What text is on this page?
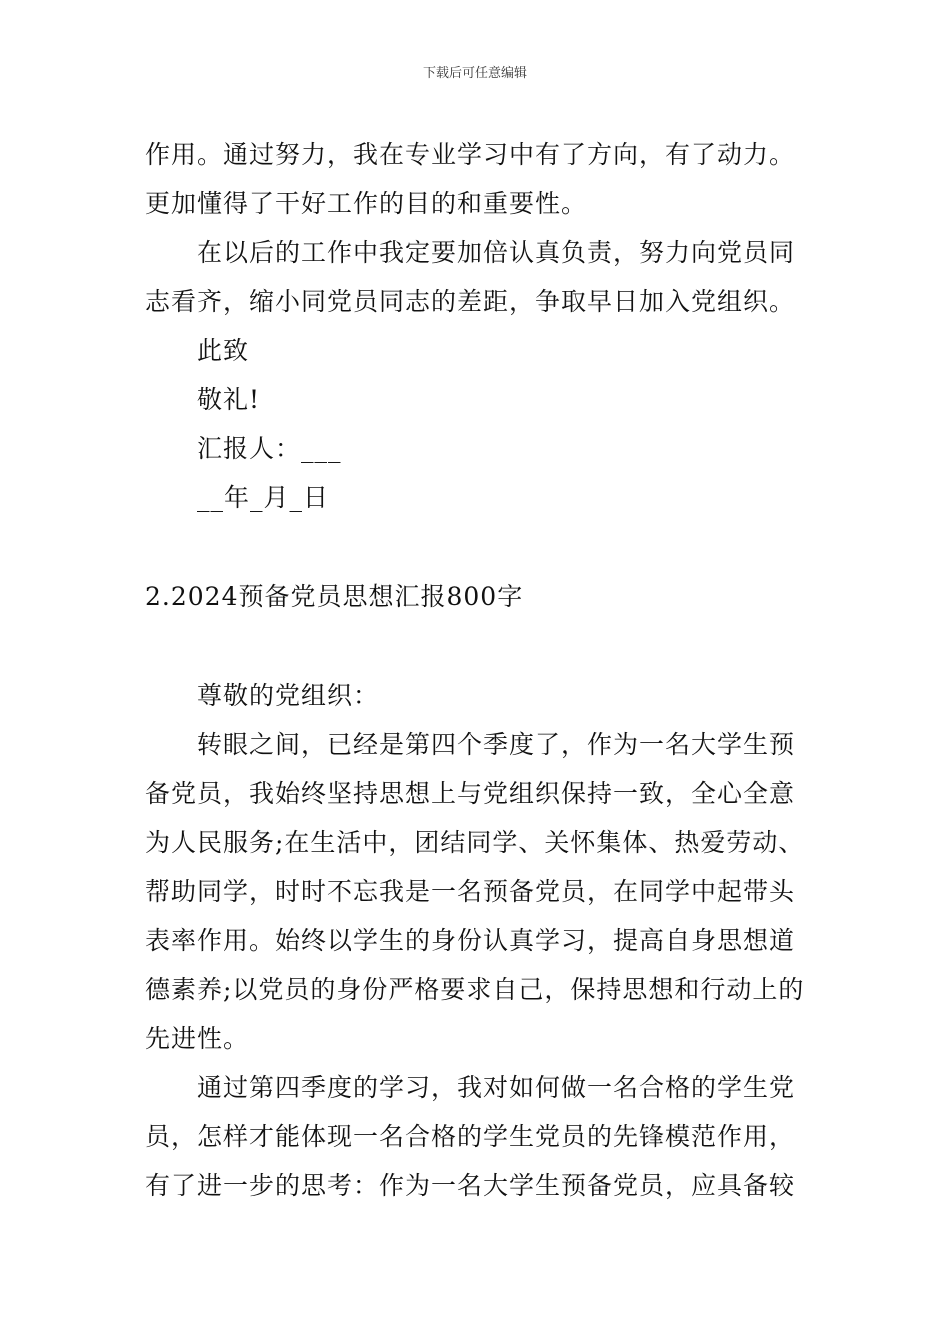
下载后可任意编辑

作用。通过努力，我在专业学习中有了方向，有了动力。更加懂得了干好工作的目的和重要性。

在以后的工作中我定要加倍认真负责，努力向党员同志看齐，缩小同党员同志的差距，争取早日加入党组织。

此致

敬礼!

汇报人：___

__年_月_日

2.2024预备党员思想汇报800字

尊敬的党组织：

转眼之间，已经是第四个季度了，作为一名大学生预备党员，我始终坚持思想上与党组织保持一致，全心全意为人民服务;在生活中，团结同学、关怀集体、热爱劳动、帮助同学，时时不忘我是一名预备党员，在同学中起带头表率作用。始终以学生的身份认真学习，提高自身思想道德素养;以党员的身份严格要求自己，保持思想和行动上的先进性。

通过第四季度的学习，我对如何做一名合格的学生党员，怎样才能体现一名合格的学生党员的先锋模范作用，有了进一步的思考：作为一名大学生预备党员，应具备较
